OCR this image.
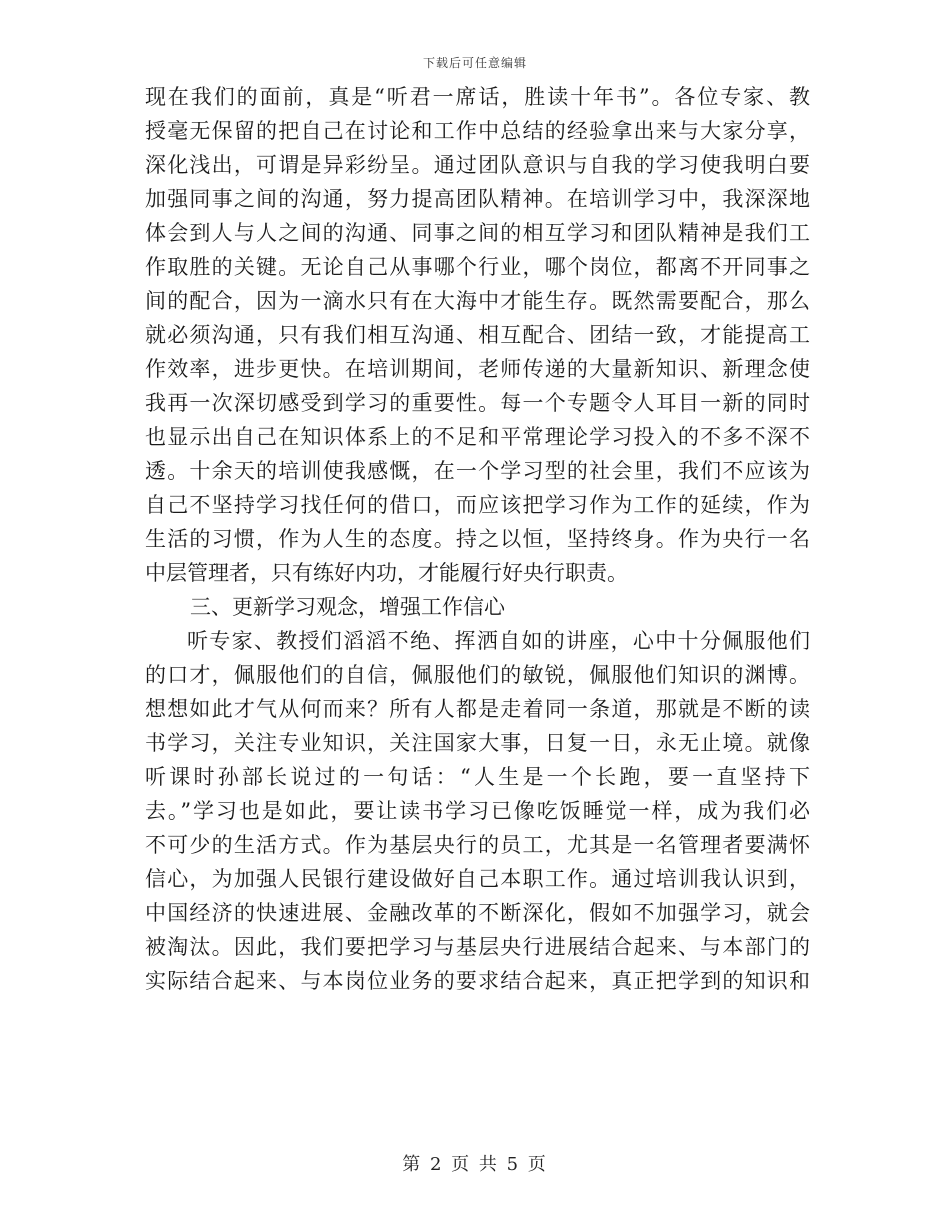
下载后可任意编辑
现在我们的面前，真是“听君一席话，胜读十年书”。各位专家、教
授毫无保留的把自己在讨论和工作中总结的经验拿出来与大家分享，
深化浅出，可谓是异彩纷呈。通过团队意识与自我的学习使我明白要
加强同事之间的沟通，努力提高团队精神。在培训学习中，我深深地
体会到人与人之间的沟通、同事之间的相互学习和团队精神是我们工
作取胜的关键。无论自己从事哪个行业，哪个岗位，都离不开同事之
间的配合，因为一滴水只有在大海中才能生存。既然需要配合，那么
就必须沟通，只有我们相互沟通、相互配合、团结一致，才能提高工
作效率，进步更快。在培训期间，老师传递的大量新知识、新理念使
我再一次深切感受到学习的重要性。每一个专题令人耳目一新的同时
也显示出自己在知识体系上的不足和平常理论学习投入的不多不深不
透。十余天的培训使我感慨，在一个学习型的社会里，我们不应该为
自己不坚持学习找任何的借口，而应该把学习作为工作的延续，作为
生活的习惯，作为人生的态度。持之以恒，坚持终身。作为央行一名
中层管理者，只有练好内功，才能履行好央行职责。
三、更新学习观念，增强工作信心
听专家、教授们滔滔不绝、挥洒自如的讲座，心中十分佩服他们
的口才，佩服他们的自信，佩服他们的敏锐，佩服他们知识的渊博。
想想如此才气从何而来？所有人都是走着同一条道，那就是不断的读
书学习，关注专业知识，关注国家大事，日复一日，永无止境。就像
听课时孙部长说过的一句话：“人生是一个长跑，要一直坚持下
去。”学习也是如此，要让读书学习已像吃饭睡觉一样，成为我们必
不可少的生活方式。作为基层央行的员工，尤其是一名管理者要满怀
信心，为加强人民银行建设做好自己本职工作。通过培训我认识到，
中国经济的快速进展、金融改革的不断深化，假如不加强学习，就会
被淘汰。因此，我们要把学习与基层央行进展结合起来、与本部门的
实际结合起来、与本岗位业务的要求结合起来，真正把学到的知识和
第 2 页 共 5 页
